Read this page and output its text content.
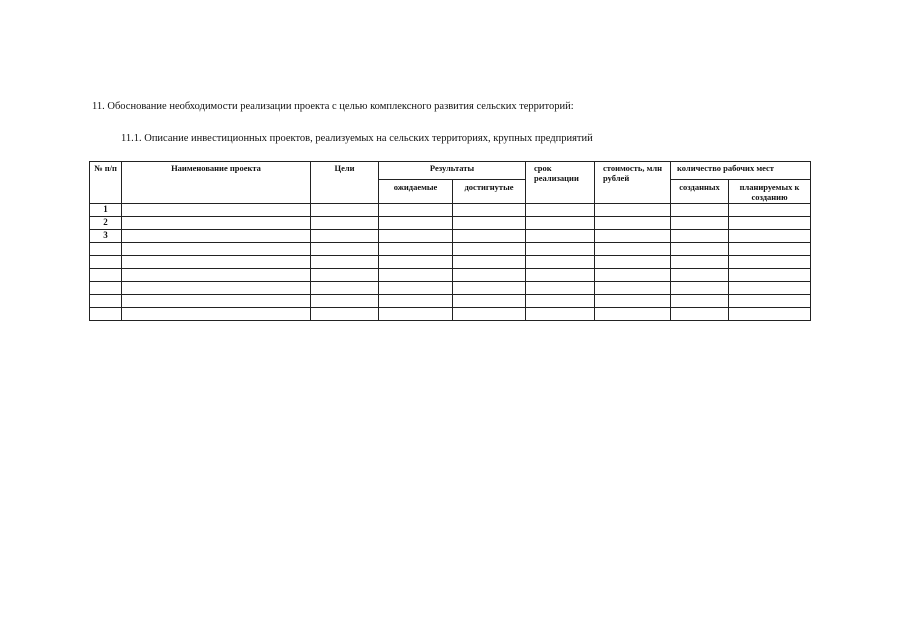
11. Обоснование необходимости реализации проекта с целью комплексного развития сельских территорий:
11.1. Описание инвестиционных проектов, реализуемых на сельских территориях, крупных предприятий
№ п/п	Наименование проекта	Цели	Результаты		срок реализации	стоимость, млн рублей	количество рабочих мест	
			ожидаемые	достигнутые			созданных	планируемых к созданию
1								
2								
3								
